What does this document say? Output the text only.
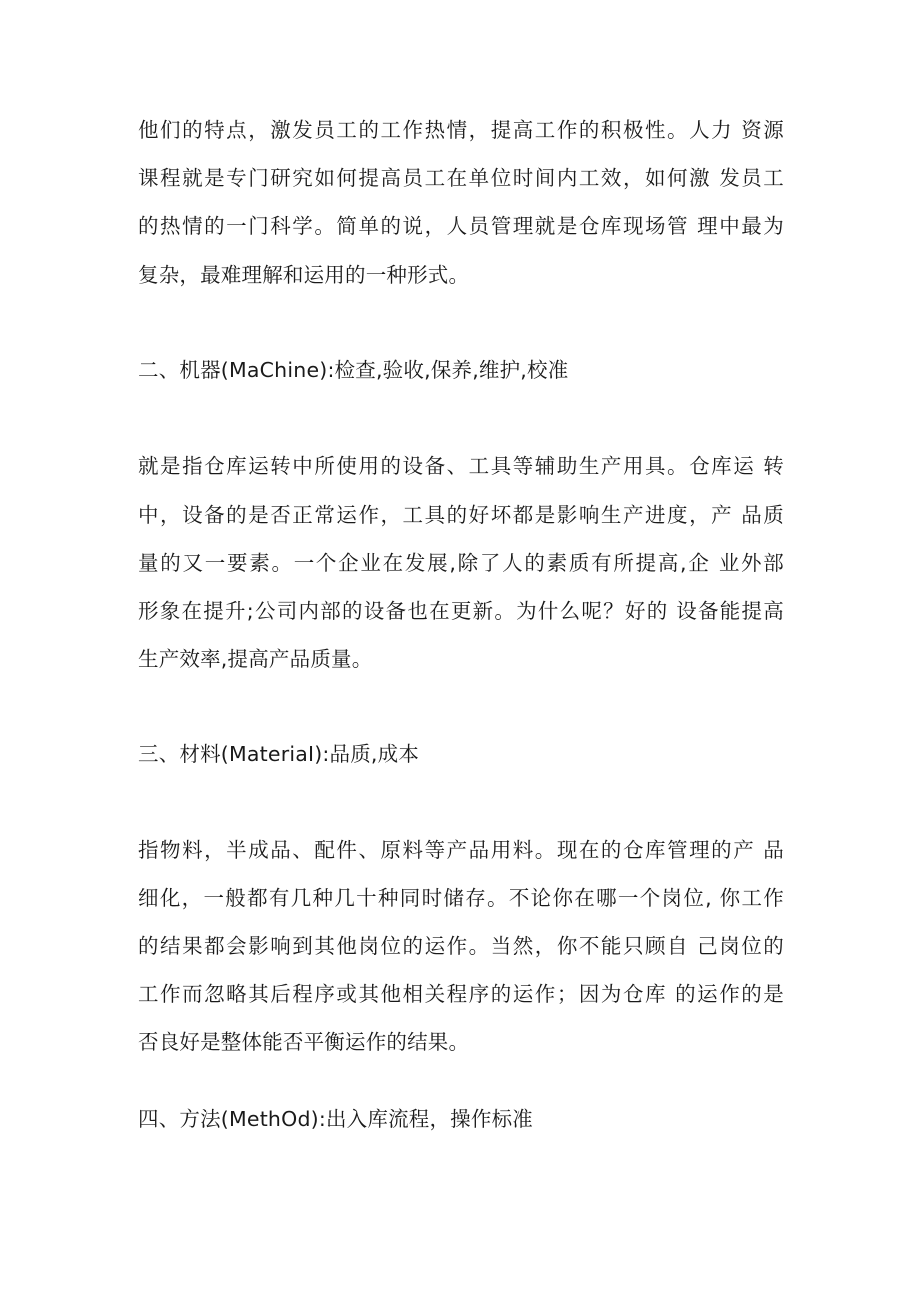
他们的特点，激发员工的工作热情，提高工作的积极性。人力 资源
课程就是专门研究如何提高员工在单位时间内工效，如何激 发员工
的热情的一门科学。简单的说，人员管理就是仓库现场管 理中最为
复杂，最难理解和运用的一种形式。
二、机器(MaChine):检查,验收,保养,维护,校准
就是指仓库运转中所使用的设备、工具等辅助生产用具。仓库运 转
中，设备的是否正常运作，工具的好坏都是影响生产进度，产 品质
量的又一要素。一个企业在发展,除了人的素质有所提高,企 业外部
形象在提升;公司内部的设备也在更新。为什么呢？好的 设备能提高
生产效率,提高产品质量。
三、材料(MateriaI):品质,成本
指物料，半成品、配件、原料等产品用料。现在的仓库管理的产 品
细化，一般都有几种几十种同时储存。不论你在哪一个岗位, 你工作
的结果都会影响到其他岗位的运作。当然，你不能只顾自 己岗位的
工作而忽略其后程序或其他相关程序的运作；因为仓库 的运作的是
否良好是整体能否平衡运作的结果。
四、方法(MethOd):出入库流程，操作标准
